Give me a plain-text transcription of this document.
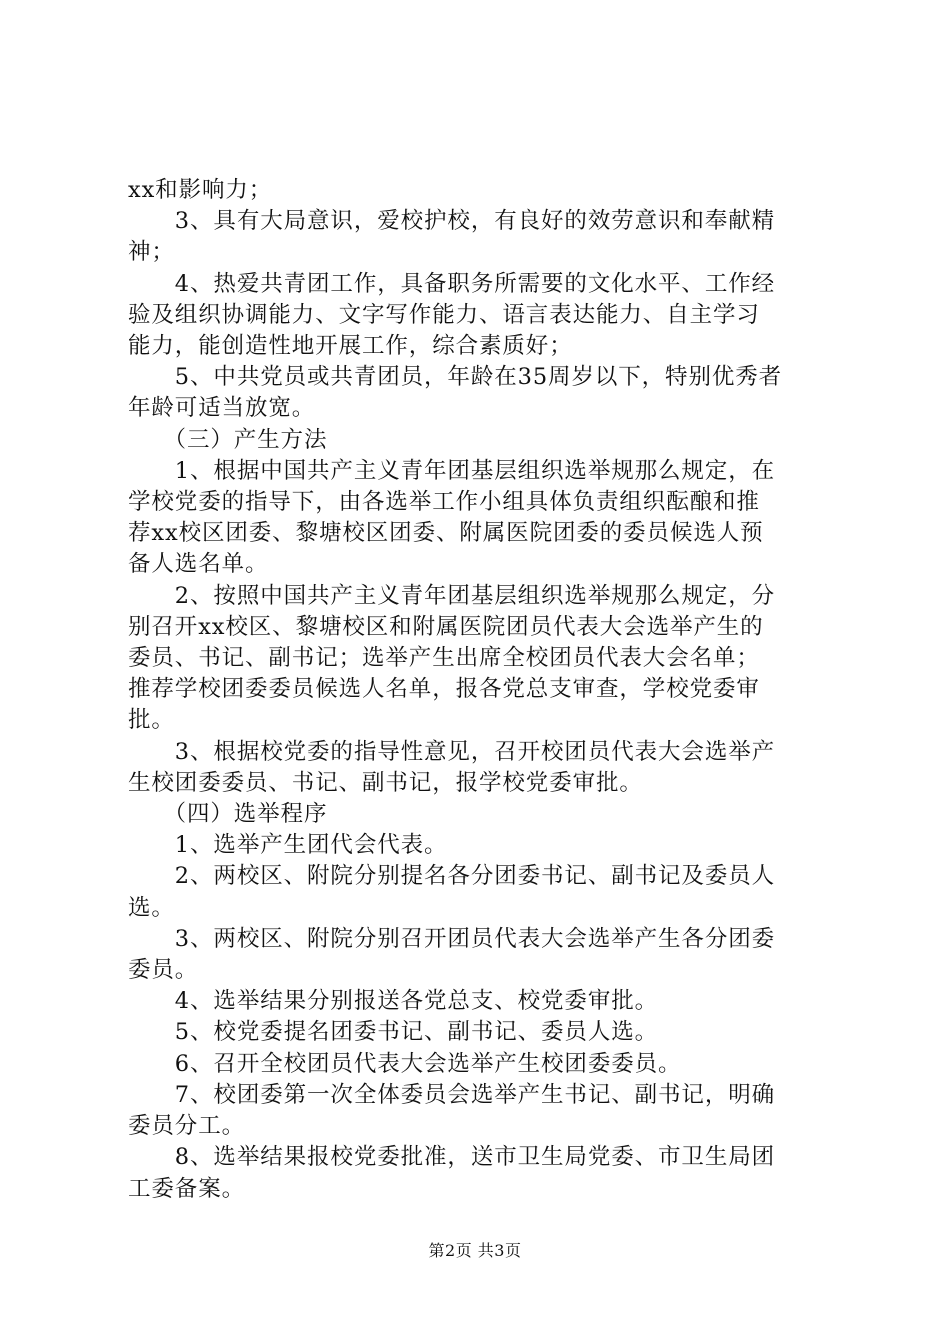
xx和影响力；
　　3、具有大局意识，爱校护校，有良好的效劳意识和奉献精
神；
　　4、热爱共青团工作，具备职务所需要的文化水平、工作经
验及组织协调能力、文字写作能力、语言表达能力、自主学习
能力，能创造性地开展工作，综合素质好；
　　5、中共党员或共青团员，年龄在35周岁以下，特别优秀者
年龄可适当放宽。
　　（三）产生方法
　　1、根据中国共产主义青年团基层组织选举规那么规定，在
学校党委的指导下，由各选举工作小组具体负责组织酝酿和推
荐xx校区团委、黎塘校区团委、附属医院团委的委员候选人预
备人选名单。
　　2、按照中国共产主义青年团基层组织选举规那么规定，分
别召开xx校区、黎塘校区和附属医院团员代表大会选举产生的
委员、书记、副书记；选举产生出席全校团员代表大会名单；
推荐学校团委委员候选人名单，报各党总支审查，学校党委审
批。
　　3、根据校党委的指导性意见，召开校团员代表大会选举产
生校团委委员、书记、副书记，报学校党委审批。
　　（四）选举程序
　　1、选举产生团代会代表。
　　2、两校区、附院分别提名各分团委书记、副书记及委员人
选。
　　3、两校区、附院分别召开团员代表大会选举产生各分团委
委员。
　　4、选举结果分别报送各党总支、校党委审批。
　　5、校党委提名团委书记、副书记、委员人选。
　　6、召开全校团员代表大会选举产生校团委委员。
　　7、校团委第一次全体委员会选举产生书记、副书记，明确
委员分工。
　　8、选举结果报校党委批准，送市卫生局党委、市卫生局团
工委备案。
第2页 共3页
